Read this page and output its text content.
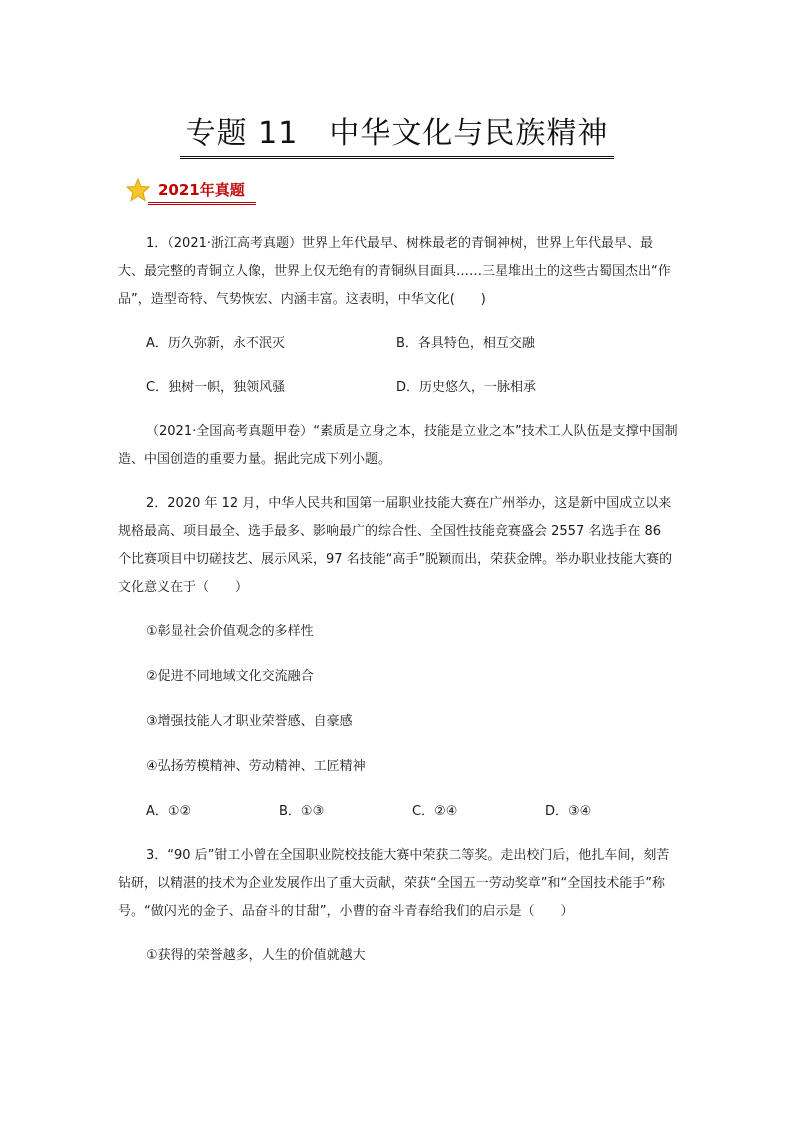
专题 11　中华文化与民族精神
2021年真题

1．（2021·浙江高考真题）世界上年代最早、树株最老的青铜神树，世界上年代最早、最大、最完整的青铜立人像，世界上仅无绝有的青铜纵目面具……三星堆出土的这些古蜀国杰出“作品”，造型奇特、气势恢宏、内涵丰富。这表明，中华文化(　　)

A．历久弥新，永不泯灭	B．各具特色，相互交融
C．独树一帜，独领风骚	D．历史悠久，一脉相承

（2021·全国高考真题甲卷）“素质是立身之本，技能是立业之本”技术工人队伍是支撑中国制造、中国创造的重要力量。据此完成下列小题。

2．2020 年 12 月，中华人民共和国第一届职业技能大赛在广州举办，这是新中国成立以来规格最高、项目最全、选手最多、影响最广的综合性、全国性技能竞赛盛会 2557 名选手在 86 个比赛项目中切磋技艺、展示风采，97 名技能“高手”脱颖而出，荣获金牌。举办职业技能大赛的文化意义在于（　　）

①彰显社会价值观念的多样性
②促进不同地域文化交流融合
③增强技能人才职业荣誉感、自豪感
④弘扬劳模精神、劳动精神、工匠精神
A．①②	B．①③	C．②④	D．③④

3．“90 后”钳工小曾在全国职业院校技能大赛中荣获二等奖。走出校门后，他扎车间，刻苦钻研，以精湛的技术为企业发展作出了重大贡献，荣获“全国五一劳动奖章”和“全国技术能手”称号。“做闪光的金子、品奋斗的甘甜”，小曹的奋斗青春给我们的启示是（　　）

①获得的荣誉越多，人生的价值就越大
